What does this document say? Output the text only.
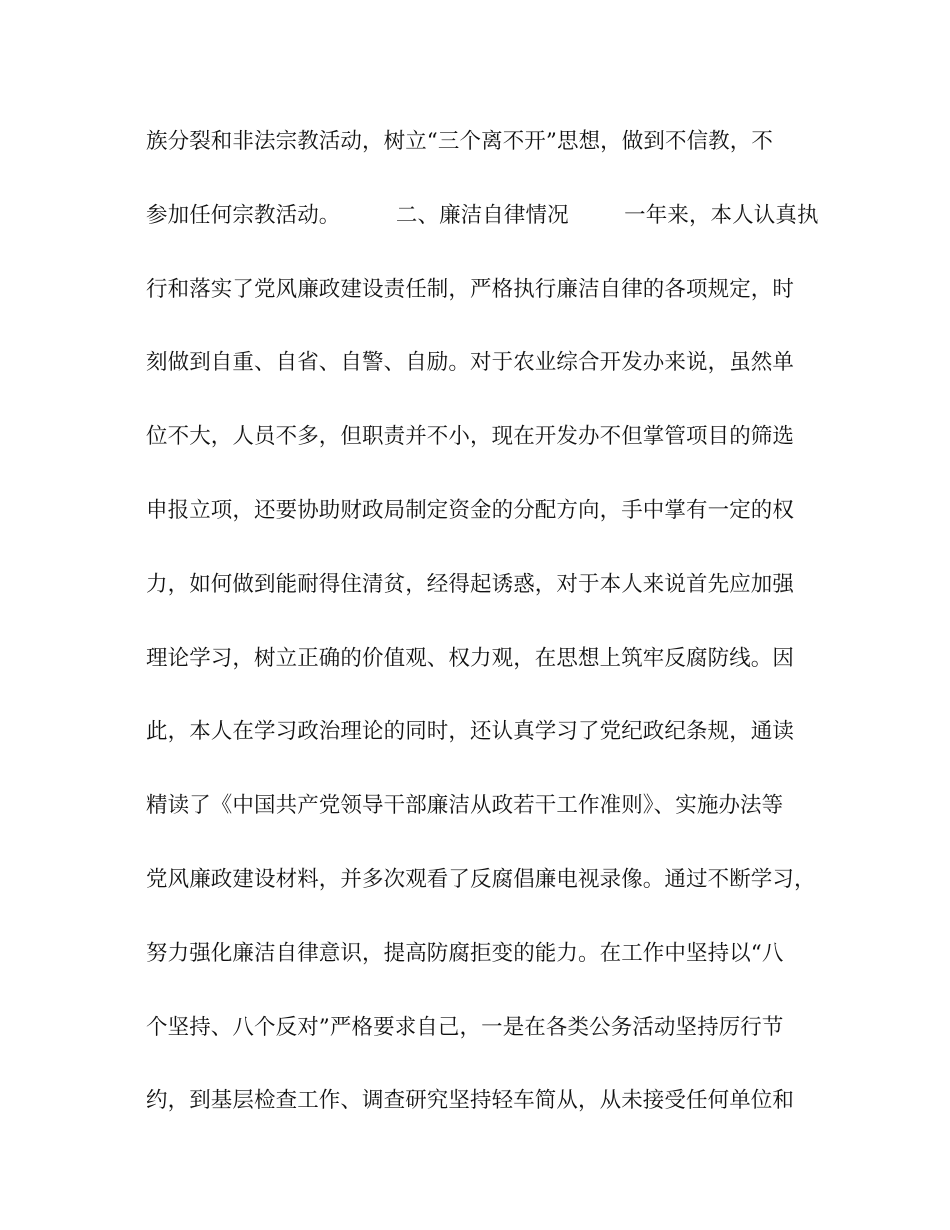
族分裂和非法宗教活动，树立“三个离不开”思想，做到不信教，不
参加任何宗教活动。        二、廉洁自律情况        一年来，本人认真执
行和落实了党风廉政建设责任制，严格执行廉洁自律的各项规定，时
刻做到自重、自省、自警、自励。对于农业综合开发办来说，虽然单
位不大，人员不多，但职责并不小，现在开发办不但掌管项目的筛选
申报立项，还要协助财政局制定资金的分配方向，手中掌有一定的权
力，如何做到能耐得住清贫，经得起诱惑，对于本人来说首先应加强
理论学习，树立正确的价值观、权力观，在思想上筑牢反腐防线。因
此，本人在学习政治理论的同时，还认真学习了党纪政纪条规，通读
精读了《中国共产党领导干部廉洁从政若干工作准则》、实施办法等
党风廉政建设材料，并多次观看了反腐倡廉电视录像。通过不断学习，
努力强化廉洁自律意识，提高防腐拒变的能力。在工作中坚持以“八
个坚持、八个反对”严格要求自己，一是在各类公务活动坚持厉行节
约，到基层检查工作、调查研究坚持轻车简从，从未接受任何单位和
